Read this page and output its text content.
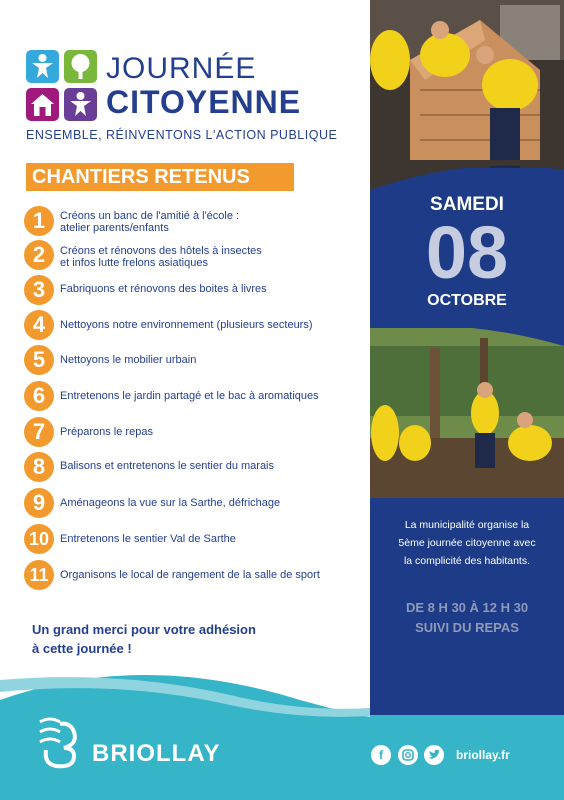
JOURNÉE
CITOYENNE
ENSEMBLE, RÉINVENTONS L'ACTION PUBLIQUE
CHANTIERS RETENUS
1	Créons un banc de l'amitié à l'école :
atelier parents/enfants
2	Créons et rénovons des hôtels à insectes
et infos lutte frelons asiatiques
3	Fabriquons et rénovons des boites à livres
4	Nettoyons notre environnement (plusieurs secteurs)
5	Nettoyons le mobilier urbain
6	Entretenons le jardin partagé et le bac à aromatiques
7	Préparons le repas
8	Balisons et entretenons le sentier du marais
9	Aménageons la vue sur la Sarthe, défrichage
10 Entretenons le sentier Val de Sarthe
11	Organisons le local de rangement de la salle de sport
Un grand merci pour votre adhésion
à cette journée !
SAMEDI
08
OCTOBRE
La municipalité organise la
5ème journée citoyenne avec
la complicité des habitants.
DE 8 H 30 À 12 H 30
SUIVI DU REPAS
BRIOLLAY	f	briollay.fr
